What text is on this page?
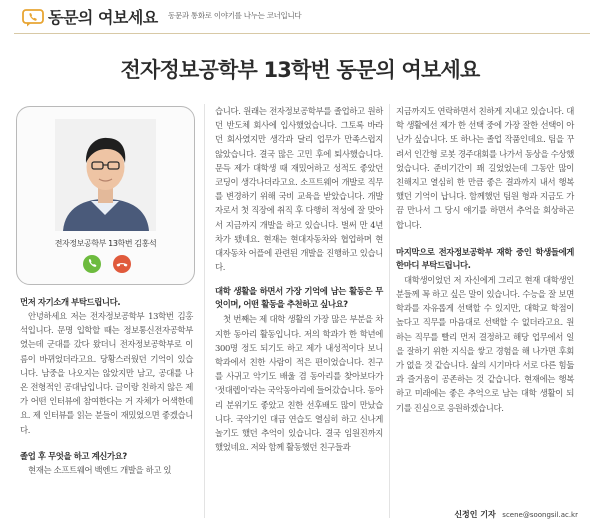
동문의 여보세요 동문과 통화로 이야기를 나누는 코너입니다
전자정보공학부 13학번 동문의 여보세요
전자정보공학부 13학번 김홍석

먼저 자기소개 부탁드립니다.

안녕하세요 저는 전자정보공학부 13학번 김홍석입니다. 문명 입학할 때는 정보통신전자공학부였는데 군대를 갔다 왔더니 전자정보공학부로 이름이 바뀌었더라고요. 당황스러웠던 기억이 있습니다. 남중을 나오지는 않았지만 남고, 공대를 나온 전형적인 공대남입니다. 글이랑 친하지 않은 제가 어떤 인터뷰에 참여한다는 거 자체가 어색한데요. 제 인터뷰를 읽는 분들이 재밌었으면 좋겠습니다.

졸업 후 무엇을 하고 계신가요?

현재는 소프트웨어 백엔드 개발을 하고 있

습니다. 원래는 전자정보공학부를 졸업하고 원하던 반도체 회사에 입사했었습니다. 그토록 바라던 회사였지만 생각과 달리 업무가 만족스럽지 않았습니다. 결국 많은 고민 후에 퇴사했습니다. 문득 제가 대학생 때 재밌어하고 성적도 좋았던 코딩이 생각나더라고요. 소프트웨어 개발로 직무를 변경하기 위해 국비 교육을 받았습니다. 개발자로서 첫 직장에 취직 후 다행히 적성에 잘 맞아서 지금까지 개발을 하고 있습니다. 벌써 만 4년 차가 됐네요. 현재는 현대자동차와 협업하며 현대자동차 어플에 관련된 개발을 진행하고 있습니다.

대학 생활을 하면서 가장 기억에 남는 활동은 무엇이며, 어떤 활동을 추천하고 싶나요?

첫 번째는 제 대학 생활의 가장 많은 부분을 차지한 동아리 활동입니다. 저의 학과가 한 학년에 300명 정도 되기도 하고 제가 내성적이다 보니 학과에서 친한 사람이 적은 편이었습니다. 친구를 사귀고 악기도 배울 겸 동아리를 찾아보다가 '젓대렙이'라는 국악동아리에 들어갔습니다. 동아리 분위기도 좋았고 친한 선후배도 많이 만났습니다. 국악기인 대금 연습도 열심히 하고 신나게 놀기도 했던 추억이 있습니다. 결국 임원진까지 했었네요. 저와 함께 활동했던 친구들과

지금까지도 연락하면서 친하게 지내고 있습니다. 대학 생활에선 제가 한 선택 중에 가장 잘한 선택이 아닌가 싶습니다. 또 하나는 졸업 작품인데요. 팀을 꾸려서 인간형 로봇 경주대회를 나가서 동상을 수상했었습니다. 준비기간이 꽤 길었었는데 그동안 많이 친해지고 열심히 한 만큼 좋은 결과까지 내서 행복했던 기억이 납니다. 함께했던 팀원 형과 지금도 가끔 만나서 그 당시 얘기를 하면서 추억을 회상하곤 합니다.

마지막으로 전자정보공학부 재학 중인 학생들에게 한마디 부탁드립니다.

대학생이었던 저 자신에게 그리고 현재 대학생인 분들께 꼭 하고 싶은 말이 있습니다. 수능을 잘 보면 학과를 자유롭게 선택할 수 있지만, 대학교 학점이 높다고 직무를 마음대로 선택할 수 없더라고요. 원하는 직무를 빨리 먼저 결정하고 해당 업무에서 일을 잘하기 위한 지식을 쌓고 경험을 해 나가면 후회가 없을 것 같습니다. 삶의 시기마다 서로 다른 힘듦과 즐거움이 공존하는 것 같습니다. 현재에는 행복하고 미래에는 좋은 추억으로 남는 대학 생활이 되기를 진심으로 응원하겠습니다.

신정인 기자 scene@soongsil.ac.kr
